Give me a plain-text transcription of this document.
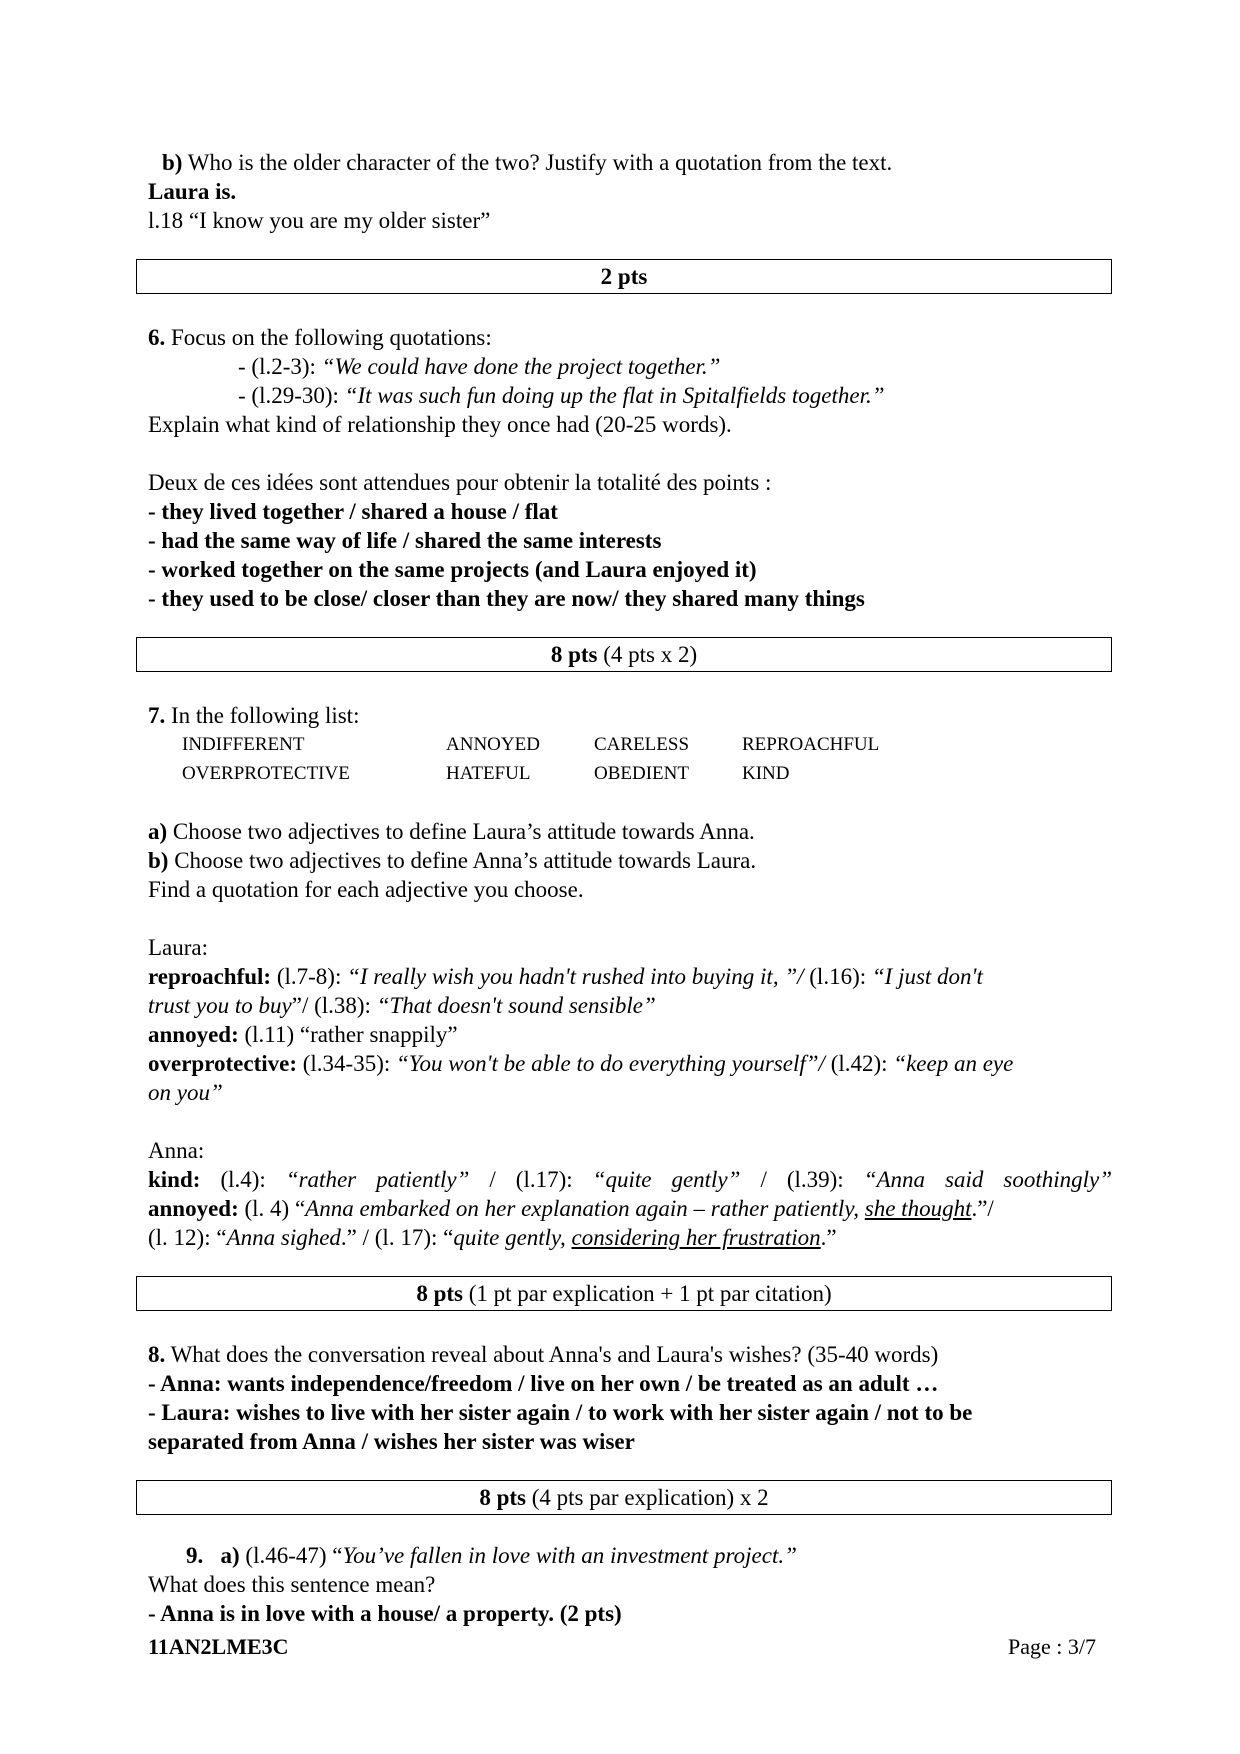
b) Who is the older character of the two? Justify with a quotation from the text.
Laura is.
l.18 “I know you are my older sister”
2 pts
6. Focus on the following quotations:
- (l.2-3): “We could have done the project together.”
- (l.29-30): “It was such fun doing up the flat in Spitalfields together.”
Explain what kind of relationship they once had (20-25 words).
Deux de ces idées sont attendues pour obtenir la totalité des points :
- they lived together / shared a house / flat
- had the same way of life / shared the same interests
- worked together on the same projects (and Laura enjoyed it)
- they used to be close/ closer than they are now/ they shared many things
8 pts (4 pts x 2)
7. In the following list:
INDIFFERENT	ANNOYED	CARELESS	REPROACHFUL
OVERPROTECTIVE	HATEFUL	OBEDIENT	KIND
a) Choose two adjectives to define Laura’s attitude towards Anna.
b) Choose two adjectives to define Anna’s attitude towards Laura.
Find a quotation for each adjective you choose.
Laura:
reproachful: (l.7-8): “I really wish you hadn't rushed into buying it, ”/ (l.16): “I just don't
trust you to buy”/ (l.38): “That doesn't sound sensible”
annoyed: (l.11) “rather snappily”
overprotective: (l.34-35): “You won't be able to do everything yourself”/ (l.42): “keep an eye
on you”
Anna:
kind: (l.4): “rather patiently” / (l.17): “quite gently” / (l.39): “Anna said soothingly”
annoyed: (l. 4) “Anna embarked on her explanation again – rather patiently, she thought.”/
(l. 12): “Anna sighed.” / (l. 17): “quite gently, considering her frustration.”
8 pts (1 pt par explication + 1 pt par citation)
8. What does the conversation reveal about Anna's and Laura's wishes? (35-40 words)
- Anna: wants independence/freedom / live on her own / be treated as an adult …
- Laura: wishes to live with her sister again / to work with her sister again / not to be
separated from Anna / wishes her sister was wiser
8 pts (4 pts par explication) x 2
9. a) (l.46-47) “You’ve fallen in love with an investment project.”
What does this sentence mean?
- Anna is in love with a house/ a property. (2 pts)
11AN2LME3C	Page : 3/7
